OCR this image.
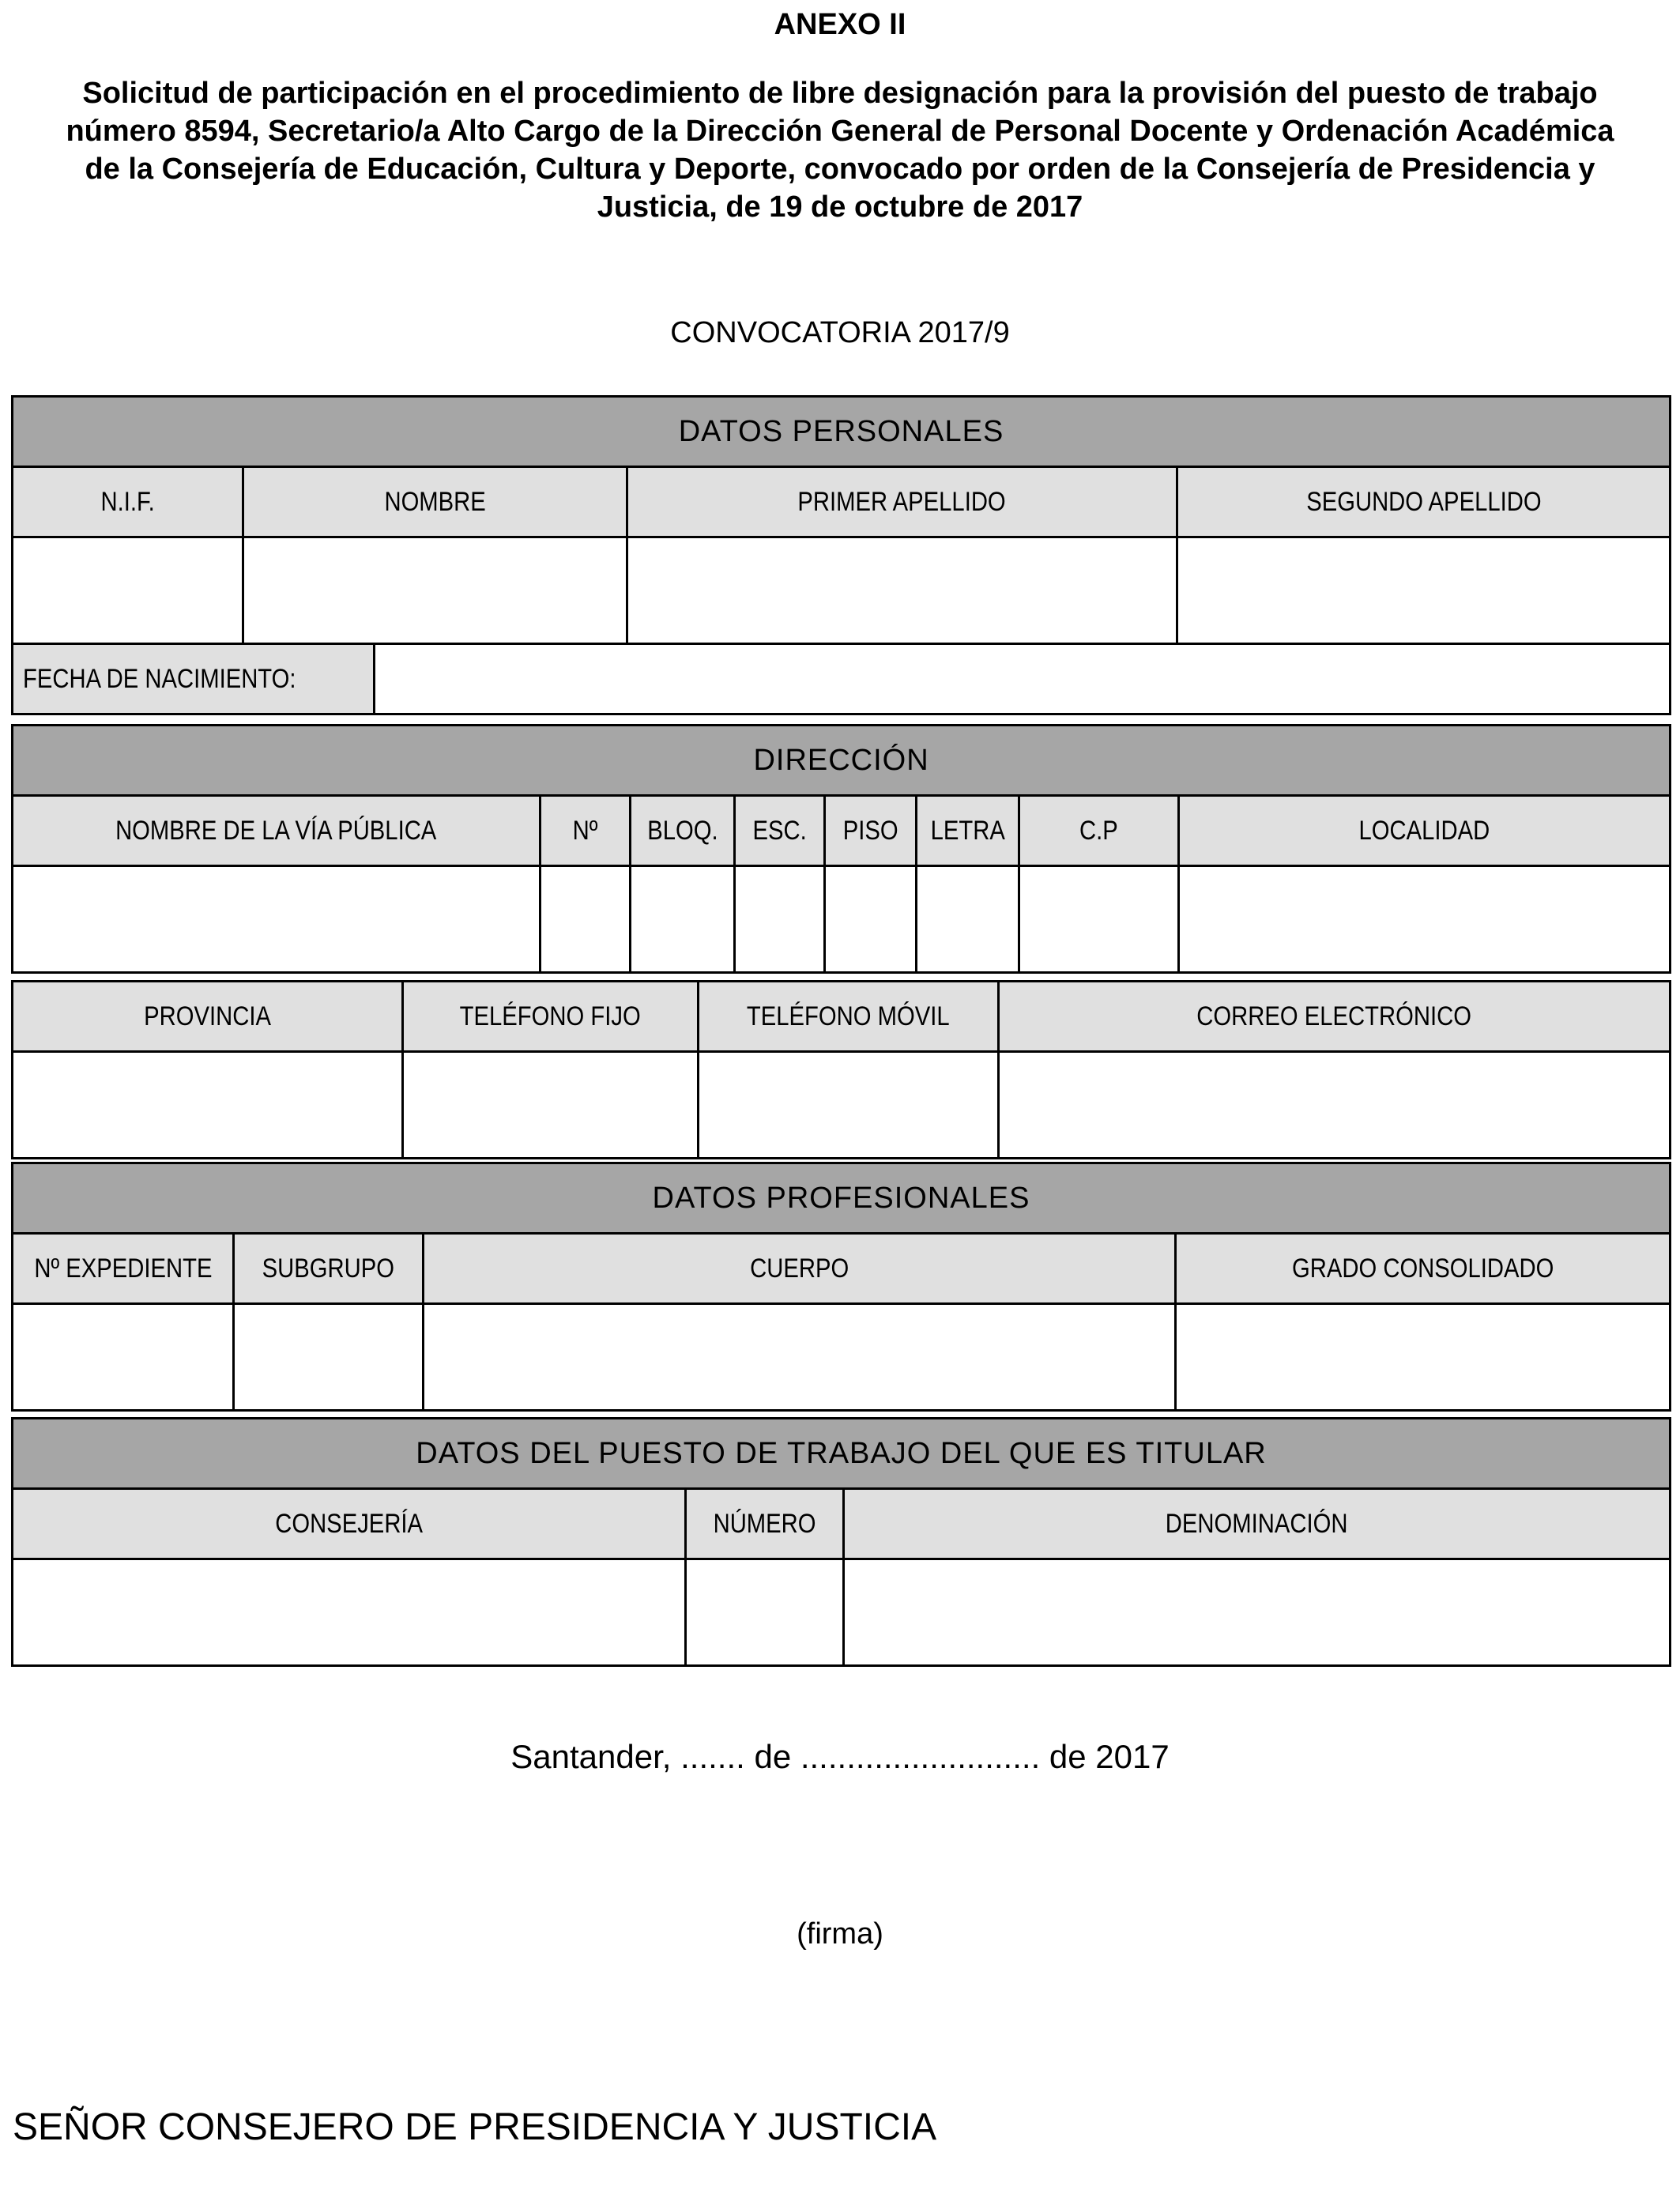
ANEXO II
Solicitud de participación en el procedimiento de libre designación para la provisión del puesto de trabajo
número 8594, Secretario/a Alto Cargo de la Dirección General de Personal Docente y Ordenación Académica
de la Consejería de Educación, Cultura y Deporte, convocado por orden de la Consejería de Presidencia y
Justicia, de 19 de octubre de 2017
CONVOCATORIA 2017/9
DATOS PERSONALES				
N.I.F.	NOMBRE		PRIMER APELLIDO	SEGUNDO APELLIDO

FECHA DE NACIMIENTO:				
DIRECCIÓN							
NOMBRE DE LA VÍA PÚBLICA	Nº	BLOQ.	ESC.	PISO	LETRA	C.P	LOCALIDAD

PROVINCIA	TELÉFONO FIJO	TELÉFONO MÓVIL	CORREO ELECTRÓNICO

DATOS PROFESIONALES			
Nº EXPEDIENTE	SUBGRUPO	CUERPO	GRADO CONSOLIDADO

DATOS DEL PUESTO DE TRABAJO DEL QUE ES TITULAR		
CONSEJERÍA	NÚMERO	DENOMINACIÓN

Santander, ....... de .......................... de 2017
(firma)
SEÑOR CONSEJERO DE PRESIDENCIA Y JUSTICIA
